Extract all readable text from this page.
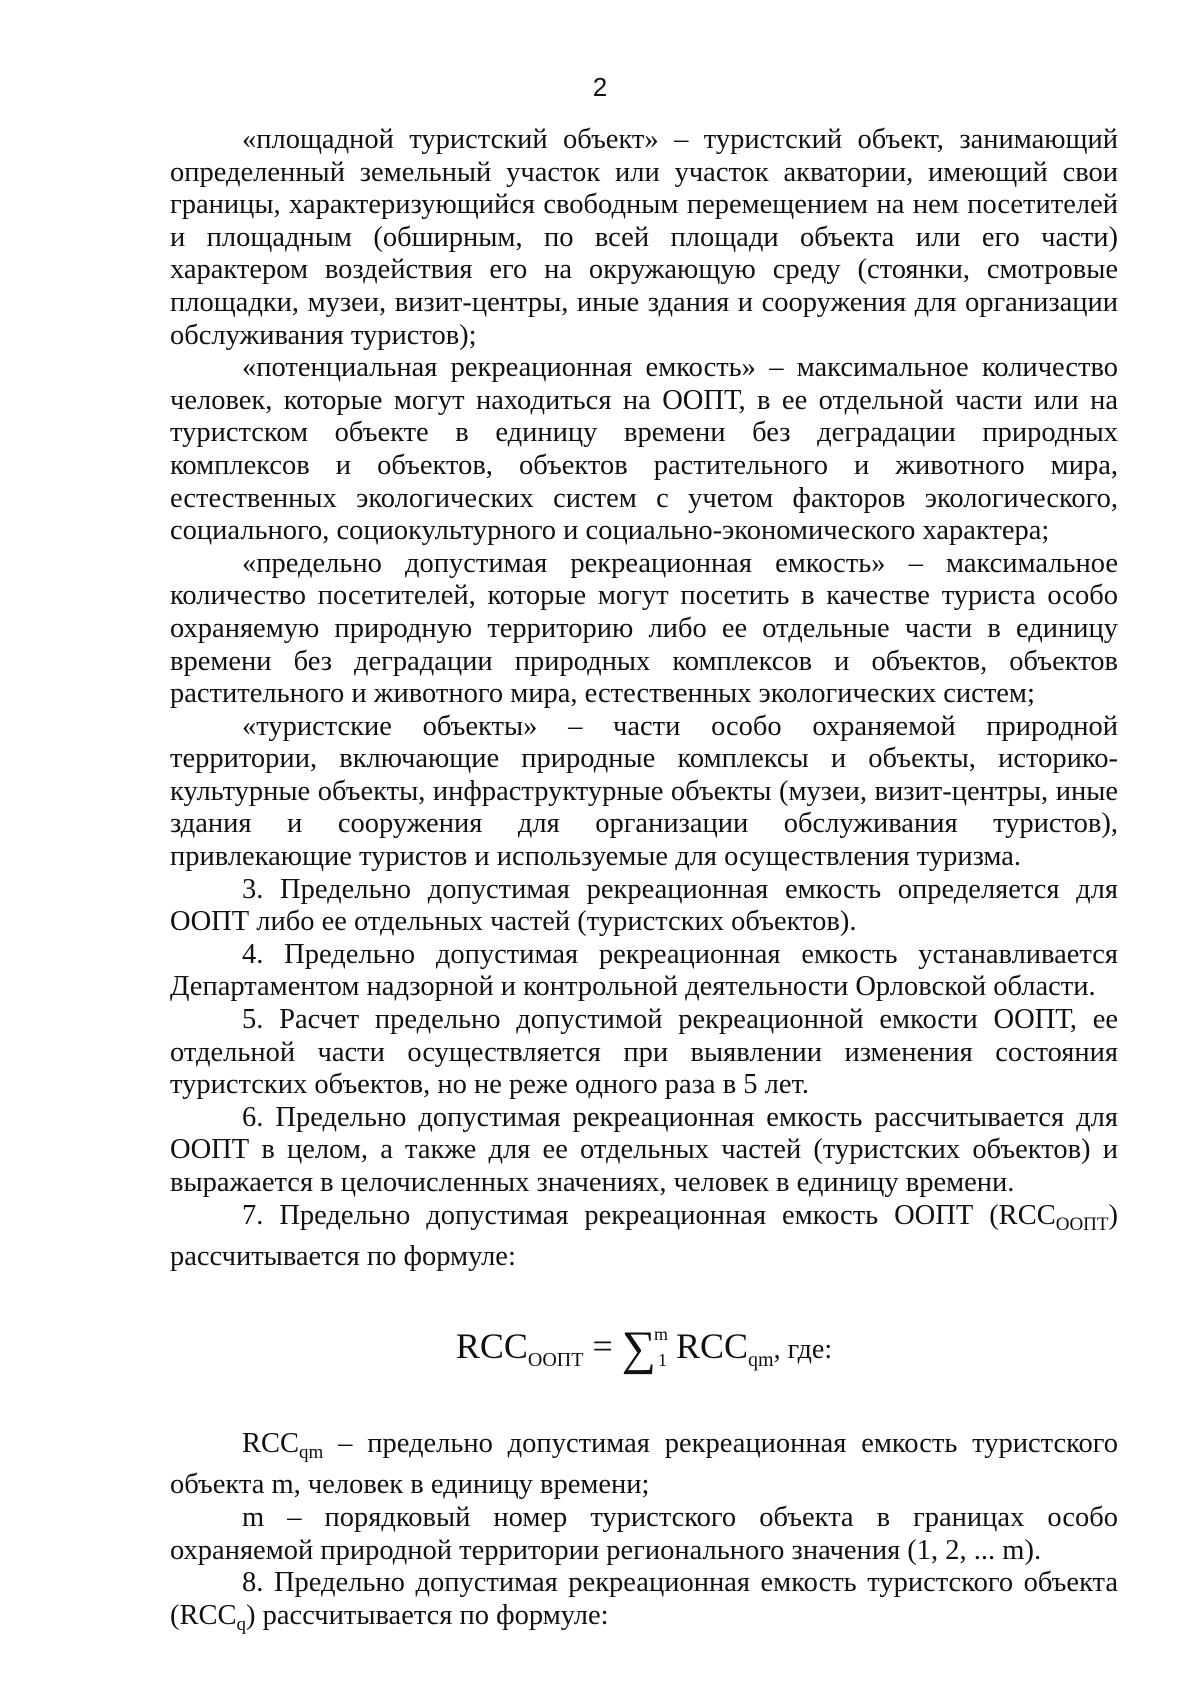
2

«площадной туристский объект» – туристский объект, занимающий определенный земельный участок или участок акватории, имеющий свои границы, характеризующийся свободным перемещением на нем посетителей и площадным (обширным, по всей площади объекта или его части) характером воздействия его на окружающую среду (стоянки, смотровые площадки, музеи, визит-центры, иные здания и сооружения для организации обслуживания туристов);

«потенциальная рекреационная емкость» – максимальное количество человек, которые могут находиться на ООПТ, в ее отдельной части или на туристском объекте в единицу времени без деградации природных комплексов и объектов, объектов растительного и животного мира, естественных экологических систем с учетом факторов экологического, социального, социокультурного и социально-экономического характера;

«предельно допустимая рекреационная емкость» – максимальное количество посетителей, которые могут посетить в качестве туриста особо охраняемую природную территорию либо ее отдельные части в единицу времени без деградации природных комплексов и объектов, объектов растительного и животного мира, естественных экологических систем;

«туристские объекты» – части особо охраняемой природной территории, включающие природные комплексы и объекты, историко-культурные объекты, инфраструктурные объекты (музеи, визит-центры, иные здания и сооружения для организации обслуживания туристов), привлекающие туристов и используемые для осуществления туризма.

3. Предельно допустимая рекреационная емкость определяется для ООПТ либо ее отдельных частей (туристских объектов).

4. Предельно допустимая рекреационная емкость устанавливается Департаментом надзорной и контрольной деятельности Орловской области.

5. Расчет предельно допустимой рекреационной емкости ООПТ, ее отдельной части осуществляется при выявлении изменения состояния туристских объектов, но не реже одного раза в 5 лет.

6. Предельно допустимая рекреационная емкость рассчитывается для ООПТ в целом, а также для ее отдельных частей (туристских объектов) и выражается в целочисленных значениях, человек в единицу времени.

7. Предельно допустимая рекреационная емкость ООПТ $(RCC_{ООПТ})$ рассчитывается по формуле:

$RCC_{ООПТ} = \sum^m_1$ $RCC_{qm}$, где:

$RCC_{qm}$ – предельно допустимая рекреационная емкость туристского объекта m, человек в единицу времени;

m – порядковый номер туристского объекта в границах особо охраняемой природной территории регионального значения (1, 2, ... m).

8. Предельно допустимая рекреационная емкость туристского объекта $(RCC_q)$ рассчитывается по формуле:
